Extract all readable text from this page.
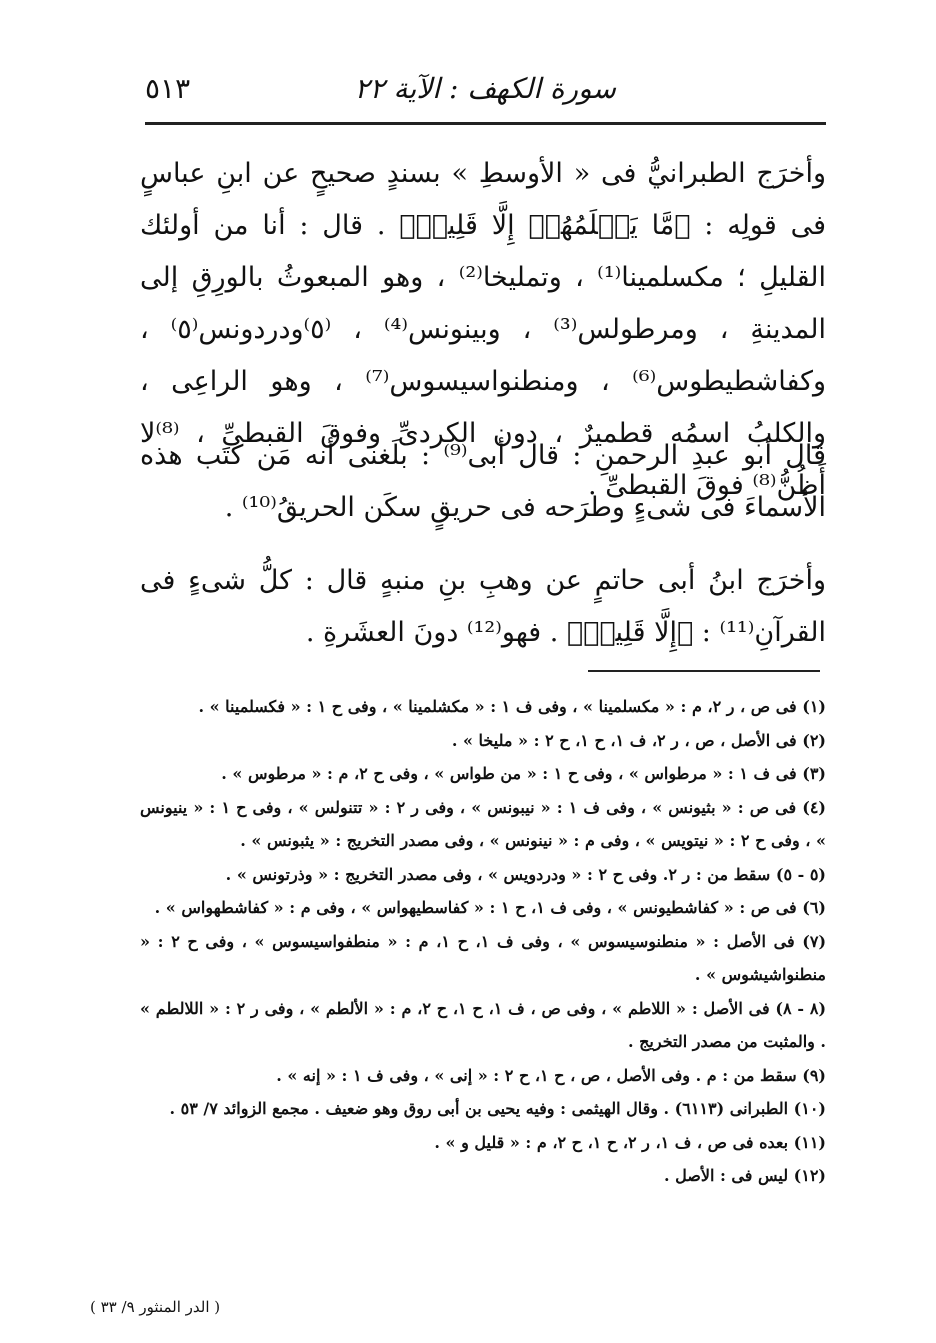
سورة الكهف : الآية ٢٢
٥١٣

وأخرَج الطبرانيُّ فى « الأوسطِ » بسندٍ صحيحٍ عن ابنِ عباسٍ فى قولِه : ﴿مَّا يَعۡلَمُهُمۡ إِلَّا قَلِيلٞ﴾ . قال : أنا من أولئك القليلِ ؛ مكسلمينا⁽¹⁾ ، وتمليخا⁽²⁾ ، وهو المبعوثُ بالورِقِ إلى المدينةِ ، ومرطولس⁽³⁾ ، وبينونس⁽⁴⁾ ، ⁽٥⁾ودردونس⁽٥⁾ ، وكفاشطيطوس⁽⁶⁾ ، ومنطنواسيسوس⁽⁷⁾ ، وهو الراعِى ، والكلبُ اسمُه قطميرٌ ، دون الكردىِّ وفوقَ القبطىِّ ، ⁽⁸⁾لا أَظُنُّ⁽⁸⁾ فوقَ القبطىِّ .

قال أبو عبدِ الرحمنِ : قال أبى⁽⁹⁾ : بلَغنى أنه مَن كتَب هذه الأسماءَ فى شىءٍ وطرَحه فى حريقٍ سكَن الحريقُ⁽¹⁰⁾ .

وأخرَج ابنُ أبى حاتمٍ عن وهبِ بنِ منبهٍ قال : كلُّ شىءٍ فى القرآنِ⁽¹¹⁾ : ﴿إِلَّا قَلِيلٞ﴾ . فهو⁽¹²⁾ دونَ العشَرةِ .

(١) فى ص ، ر ٢، م : « مكسلمينا » ، وفى ف ١ : « مكشلمينا » ، وفى ح ١ : « فكسلمينا » .

(٢) فى الأصل ، ص ، ر ٢، ف ١، ح ١، ح ٢ : « مليخا » .

(٣) فى ف ١ : « مرطواس » ، وفى ح ١ : « من طواس » ، وفى ح ٢، م : « مرطوس » .

(٤) فى ص : « بثيونس » ، وفى ف ١ : « نيبونس » ، وفى ر ٢ : « تتنولس » ، وفى ح ١ : « ينيونس » ، وفى ح ٢ : « نيتويس » ، وفى م : « نينونس » ، وفى مصدر التخريج : « يثبونس » .

(٥ - ٥) سقط من : ر ٢. وفى ح ٢ : « ودردويس » ، وفى مصدر التخريج : « وذرتونس » .

(٦) فى ص : « كفاشطيونس » ، وفى ف ١، ح ١ : « كفاسطيهواس » ، وفى م : « كفاشطهواس » .

(٧) فى الأصل : « منطنوسيسوس » ، وفى ف ١، ح ١، م : « منطفواسيسوس » ، وفى ح ٢ : « منطنواشيشوس » .

(٨ - ٨) فى الأصل : « اللاطم » ، وفى ص ، ف ١، ح ١، ح ٢، م : « الألطم » ، وفى ر ٢ : « اللالطم » . والمثبت من مصدر التخريج .

(٩) سقط من : م . وفى الأصل ، ص ، ح ١، ح ٢ : « إنى » ، وفى ف ١ : « إنه » .

(١٠) الطبرانى (٦١١٣) . وقال الهيثمى : وفيه يحيى بن أبى روق وهو ضعيف . مجمع الزوائد ٧/ ٥٣ .

(١١) بعده فى ص ، ف ١، ر ٢، ح ١، ح ٢، م : « قليل و » .

(١٢) ليس فى : الأصل .

( الدر المنثور ٩/ ٣٣ )
